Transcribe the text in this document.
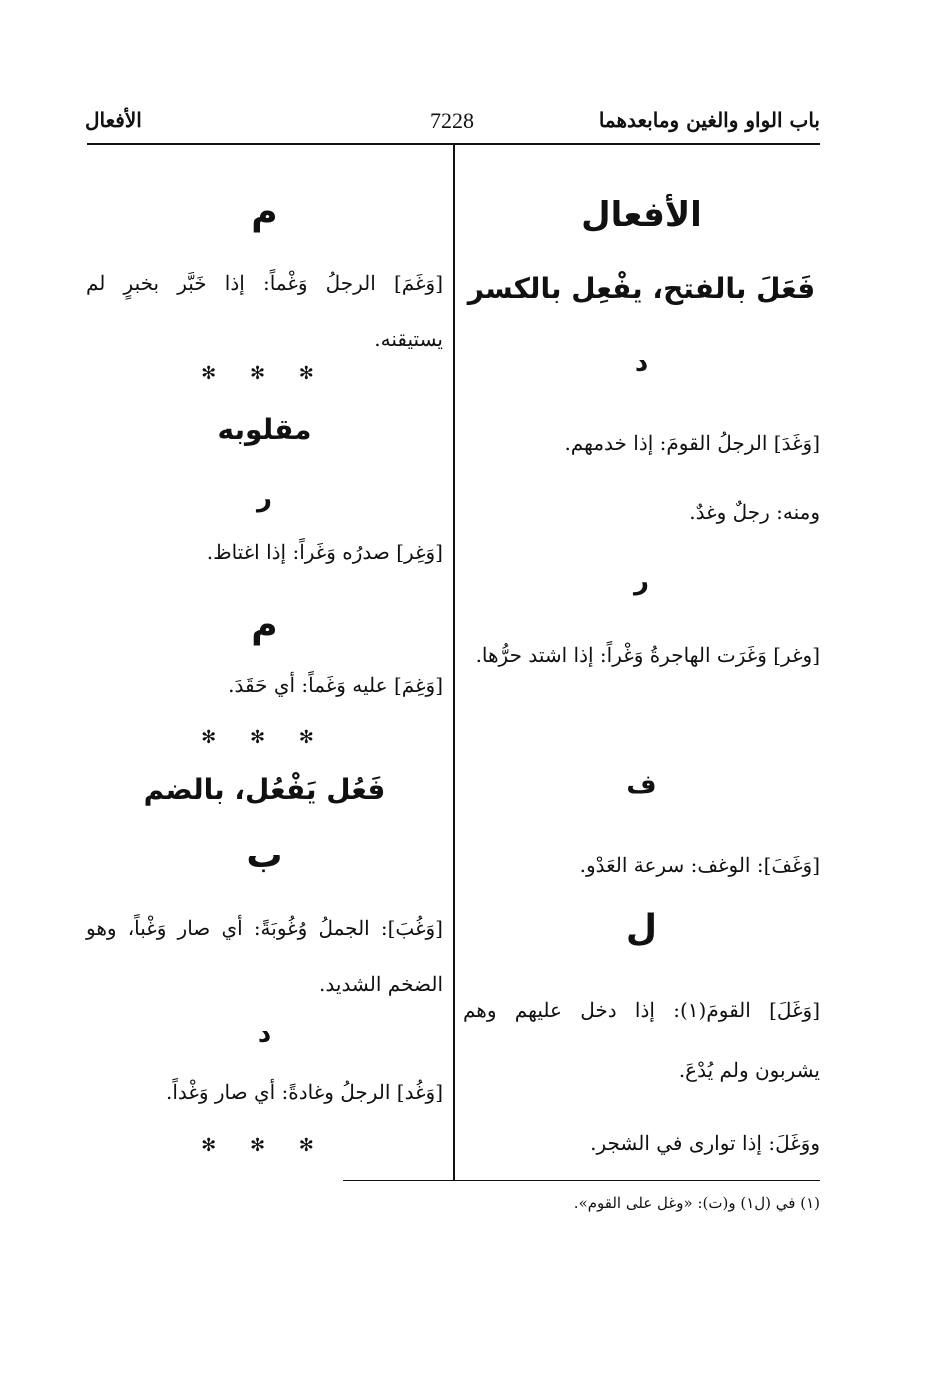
باب الواو والغين ومابعدهما
7228
الأفعال
الأفعال
فَعَلَ بالفتح، يفْعِل بالكسر
د
[وَغَدَ] الرجلُ القومَ: إذا خدمهم.
ومنه: رجلٌ وغدٌ.
ر
[وغر] وَغَرَت الهاجرةُ وَغْراً: إذا اشتد حرُّها.
ف
[وَغَفَ]: الوغف: سرعة العَدْو.
ل
[وَغَلَ] القومَ(١): إذا دخل عليهم وهم يشربون ولم يُدْعَ.
ووَغَلَ: إذا توارى في الشجر.
م
[وَغَمَ] الرجلُ وَغْماً: إذا خَبَّر بخبرٍ لم يستيقنه.
✻ ✻ ✻
مقلوبه
ر
[وَغِر] صدرُه وَغَراً: إذا اغتاظ.
م
[وَغِمَ] عليه وَغَماً: أي حَقَدَ.
✻ ✻ ✻
فَعُل يَفْعُل، بالضم
ب
[وَغُبَ]: الجملُ وُغُوبَةً: أي صار وَغْباً، وهو الضخم الشديد.
د
[وَغُد] الرجلُ وغادةً: أي صار وَغْداً.
✻ ✻ ✻
(١) في (ل١) و(ت): «وغل على القوم».
